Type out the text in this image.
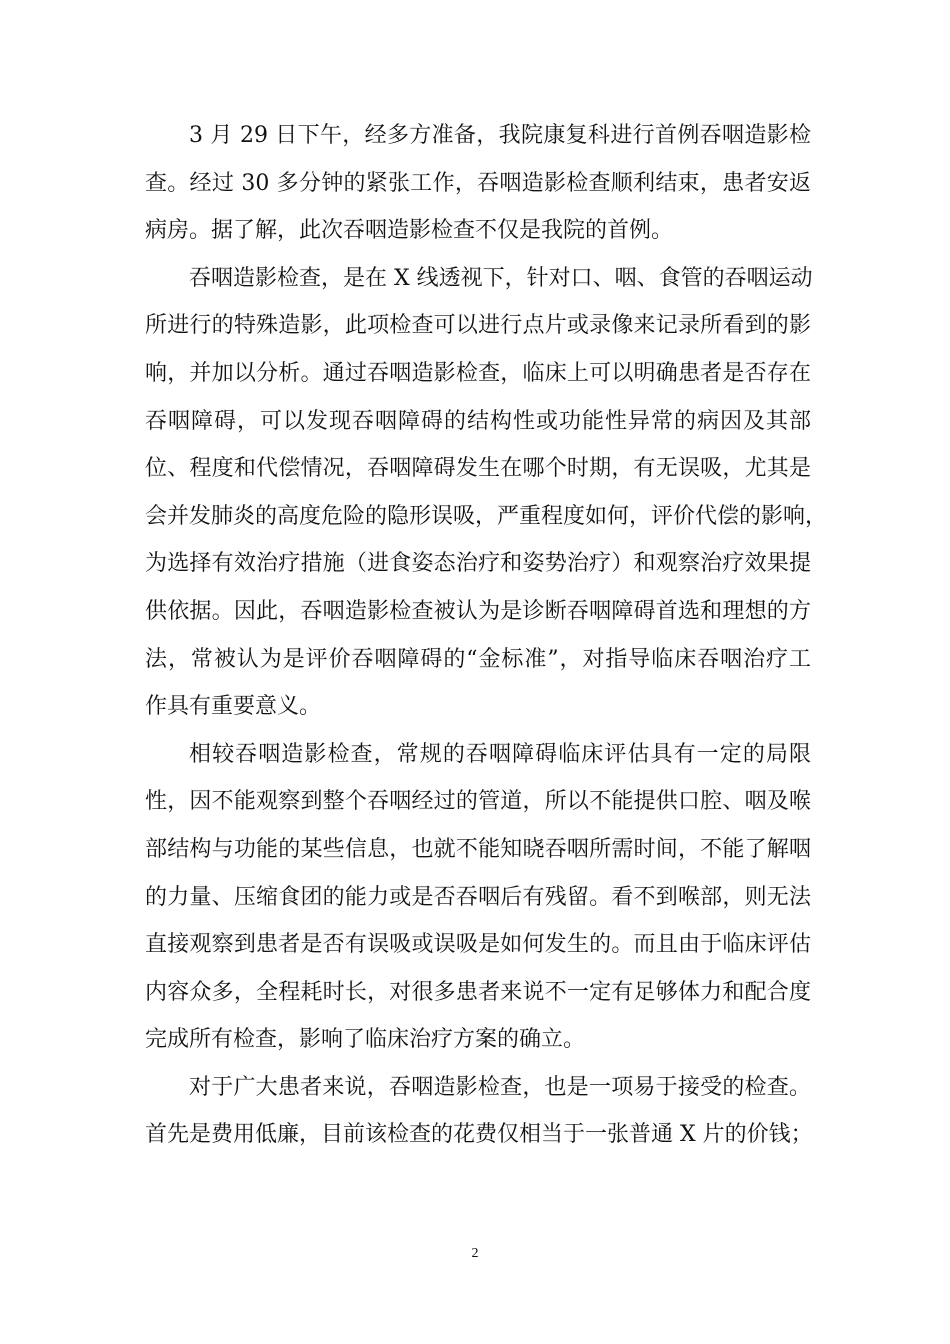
3 月 29 日下午，经多方准备，我院康复科进行首例吞咽造影检
查。经过 30 多分钟的紧张工作，吞咽造影检查顺利结束，患者安返
病房。据了解，此次吞咽造影检查不仅是我院的首例。
吞咽造影检查，是在 X 线透视下，针对口、咽、食管的吞咽运动
所进行的特殊造影，此项检查可以进行点片或录像来记录所看到的影
响，并加以分析。通过吞咽造影检查，临床上可以明确患者是否存在
吞咽障碍，可以发现吞咽障碍的结构性或功能性异常的病因及其部
位、程度和代偿情况，吞咽障碍发生在哪个时期，有无误吸，尤其是
会并发肺炎的高度危险的隐形误吸，严重程度如何，评价代偿的影响，
为选择有效治疗措施（进食姿态治疗和姿势治疗）和观察治疗效果提
供依据。因此，吞咽造影检查被认为是诊断吞咽障碍首选和理想的方
法，常被认为是评价吞咽障碍的“金标准”，对指导临床吞咽治疗工
作具有重要意义。
相较吞咽造影检查，常规的吞咽障碍临床评估具有一定的局限
性，因不能观察到整个吞咽经过的管道，所以不能提供口腔、咽及喉
部结构与功能的某些信息，也就不能知晓吞咽所需时间，不能了解咽
的力量、压缩食团的能力或是否吞咽后有残留。看不到喉部，则无法
直接观察到患者是否有误吸或误吸是如何发生的。而且由于临床评估
内容众多，全程耗时长，对很多患者来说不一定有足够体力和配合度
完成所有检查，影响了临床治疗方案的确立。
对于广大患者来说，吞咽造影检查，也是一项易于接受的检查。
首先是费用低廉，目前该检查的花费仅相当于一张普通 X 片的价钱；
2
